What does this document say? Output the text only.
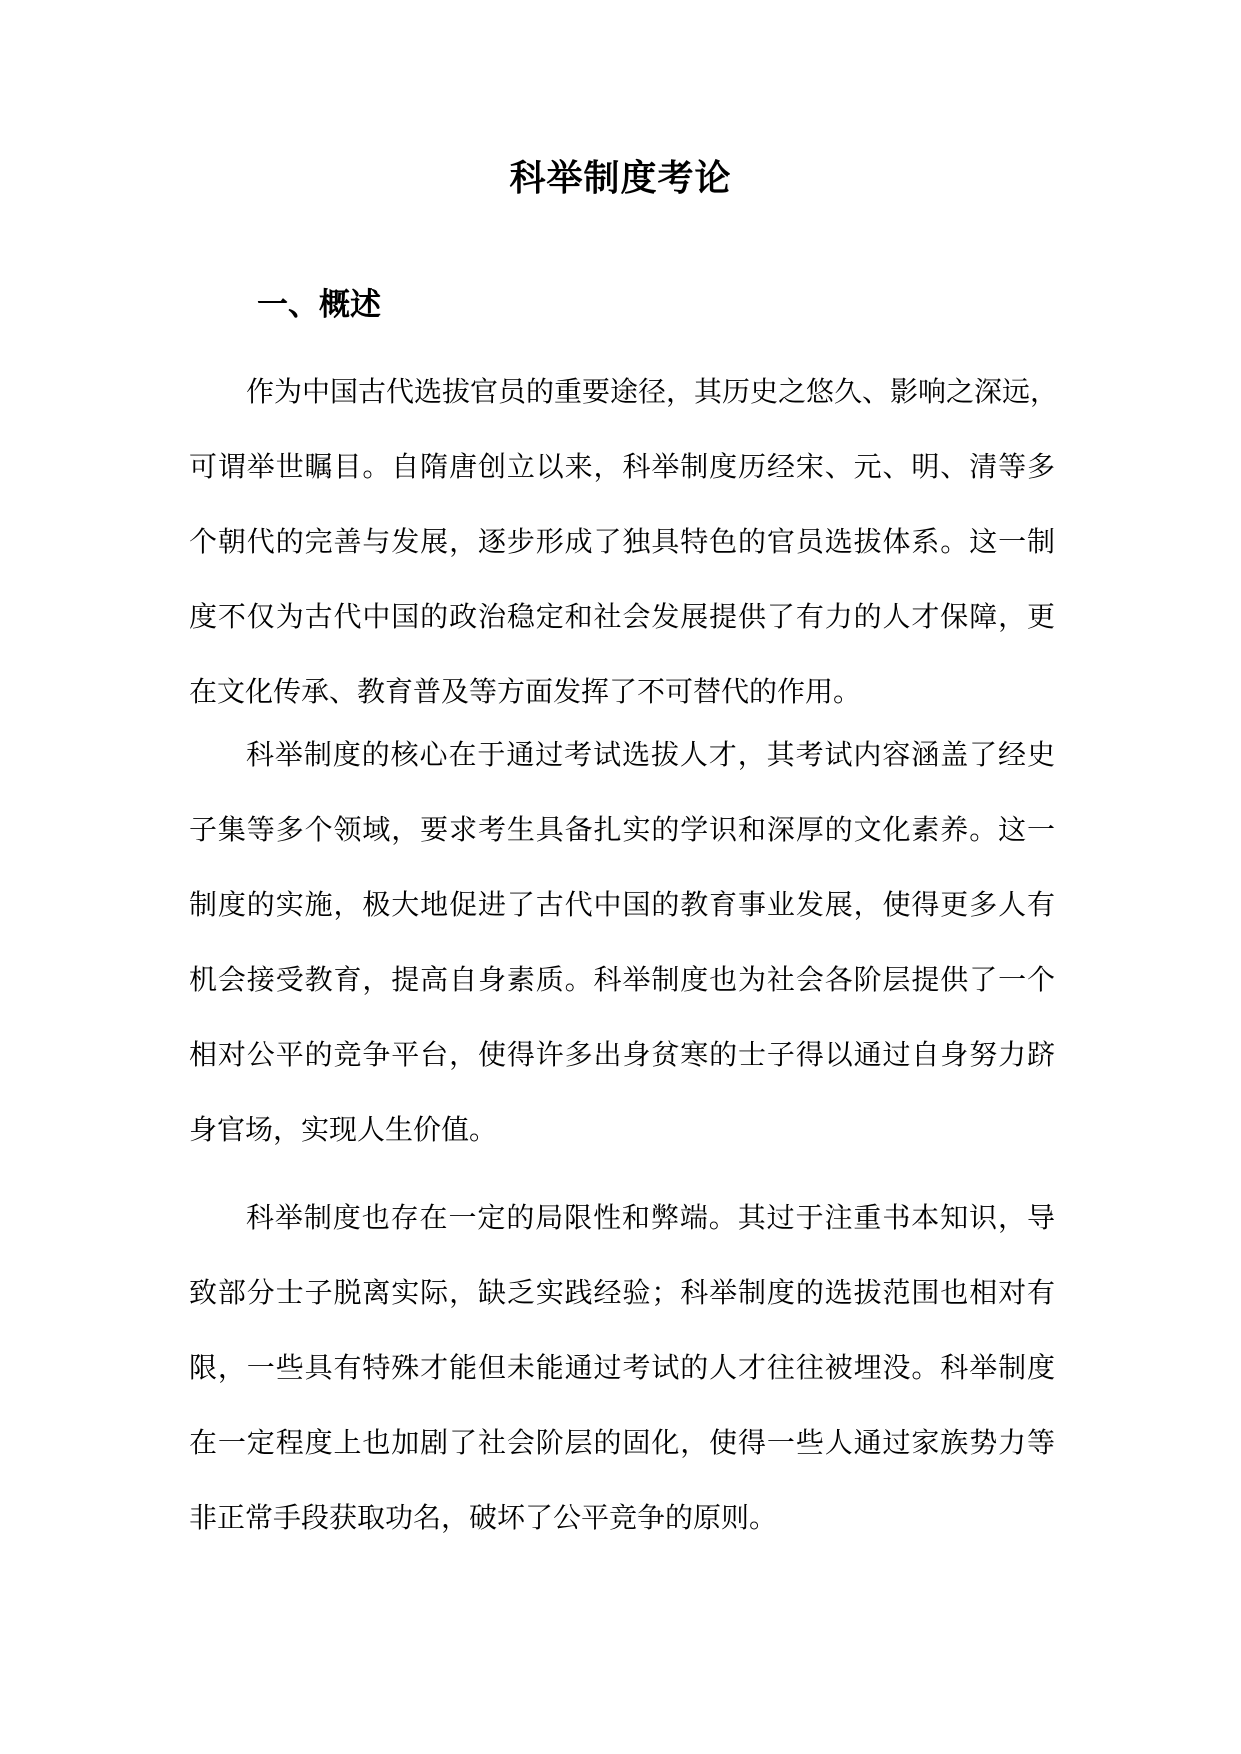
科举制度考论
一、概述
作为中国古代选拔官员的重要途径，其历史之悠久、影响之深远，
可谓举世瞩目。自隋唐创立以来，科举制度历经宋、元、明、清等多
个朝代的完善与发展，逐步形成了独具特色的官员选拔体系。这一制
度不仅为古代中国的政治稳定和社会发展提供了有力的人才保障，更
在文化传承、教育普及等方面发挥了不可替代的作用。
科举制度的核心在于通过考试选拔人才，其考试内容涵盖了经史
子集等多个领域，要求考生具备扎实的学识和深厚的文化素养。这一
制度的实施，极大地促进了古代中国的教育事业发展，使得更多人有
机会接受教育，提高自身素质。科举制度也为社会各阶层提供了一个
相对公平的竞争平台，使得许多出身贫寒的士子得以通过自身努力跻
身官场，实现人生价值。
科举制度也存在一定的局限性和弊端。其过于注重书本知识，导
致部分士子脱离实际，缺乏实践经验；科举制度的选拔范围也相对有
限，一些具有特殊才能但未能通过考试的人才往往被埋没。科举制度
在一定程度上也加剧了社会阶层的固化，使得一些人通过家族势力等
非正常手段获取功名，破坏了公平竞争的原则。
